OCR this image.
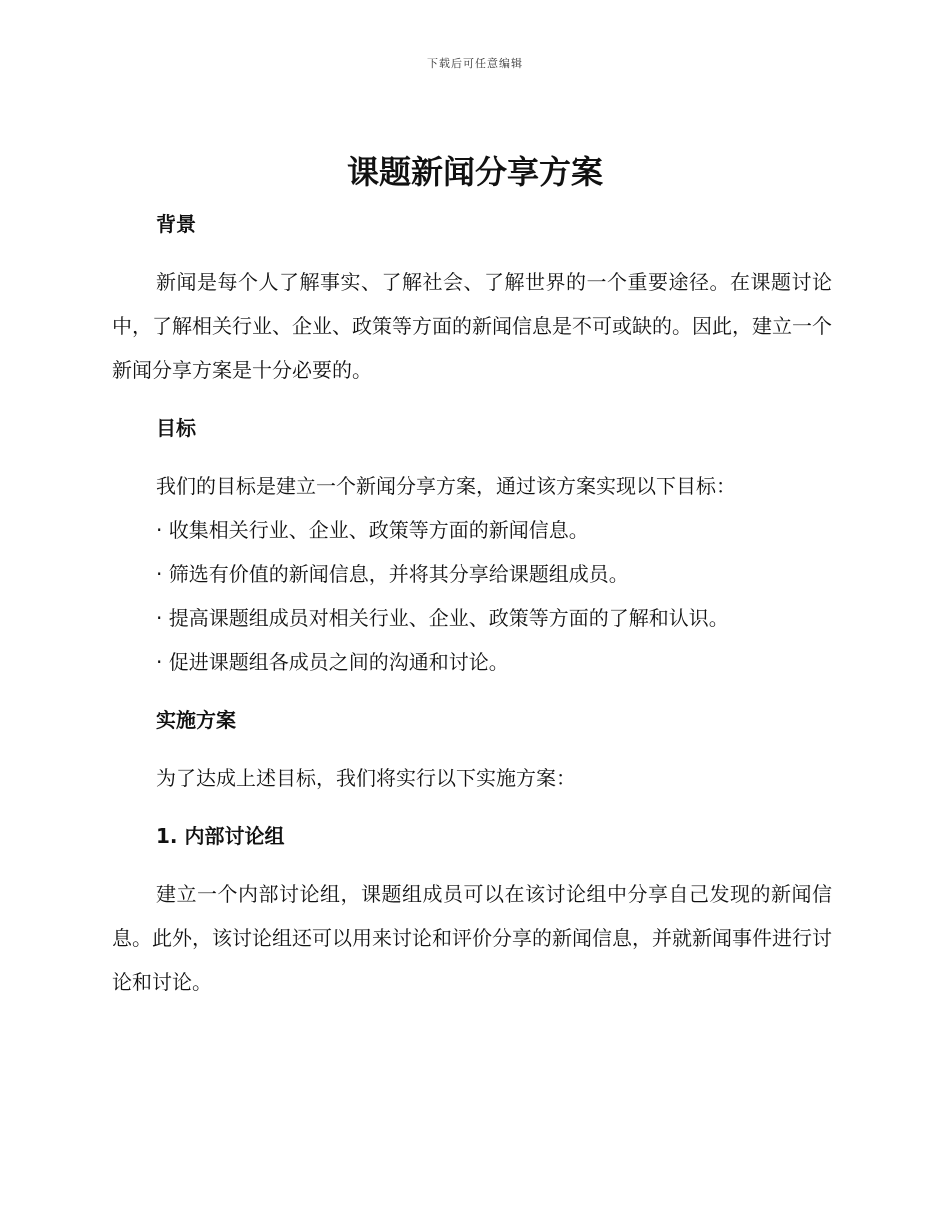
下载后可任意编辑
课题新闻分享方案

背景

新闻是每个人了解事实、了解社会、了解世界的一个重要途径。在课题讨论中，了解相关行业、企业、政策等方面的新闻信息是不可或缺的。因此，建立一个新闻分享方案是十分必要的。

目标

我们的目标是建立一个新闻分享方案，通过该方案实现以下目标：

· 收集相关行业、企业、政策等方面的新闻信息。

· 筛选有价值的新闻信息，并将其分享给课题组成员。

· 提高课题组成员对相关行业、企业、政策等方面的了解和认识。

· 促进课题组各成员之间的沟通和讨论。

实施方案

为了达成上述目标，我们将实行以下实施方案：

1. 内部讨论组

建立一个内部讨论组，课题组成员可以在该讨论组中分享自己发现的新闻信息。此外，该讨论组还可以用来讨论和评价分享的新闻信息，并就新闻事件进行讨论和讨论。
